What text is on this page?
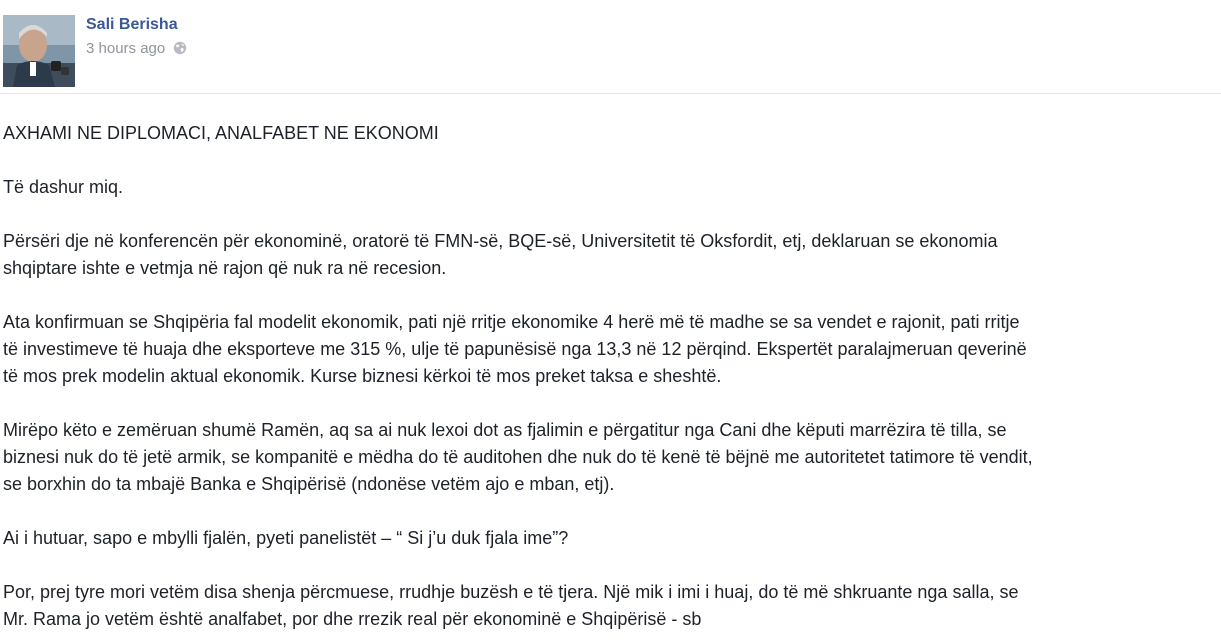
Sali Berisha
3 hours ago

AXHAMI NE DIPLOMACI, ANALFABET NE EKONOMI

Të dashur miq.

Përsëri dje në konferencën për ekonominë, oratorë të FMN-së, BQE-së, Universitetit të Oksfordit, etj, deklaruan se ekonomia
shqiptare ishte e vetmja në rajon që nuk ra në recesion.

Ata konfirmuan se Shqipëria fal modelit ekonomik, pati një rritje ekonomike 4 herë më të madhe se sa vendet e rajonit, pati rritje
të investimeve të huaja dhe eksporteve me 315 %, ulje të papunësisë nga 13,3 në 12 përqind. Ekspertët paralajmeruan qeverinë
të mos prek modelin aktual ekonomik. Kurse biznesi kërkoi të mos preket taksa e sheshtë.

Mirëpo këto e zemëruan shumë Ramën, aq sa ai nuk lexoi dot as fjalimin e përgatitur nga Cani dhe këputi marrëzira të tilla, se
biznesi nuk do të jetë armik, se kompanitë e mëdha do të auditohen dhe nuk do të kenë të bëjnë me autoritetet tatimore të vendit,
se borxhin do ta mbajë Banka e Shqipërisë (ndonëse vetëm ajo e mban, etj).

Ai i hutuar, sapo e mbylli fjalën, pyeti panelistët – “ Si j’u duk fjala ime”?

Por, prej tyre mori vetëm disa shenja përcmuese, rrudhje buzësh e të tjera. Një mik i imi i huaj, do të më shkruante nga salla, se
Mr. Rama jo vetëm është analfabet, por dhe rrezik real për ekonominë e Shqipërisë - sb
